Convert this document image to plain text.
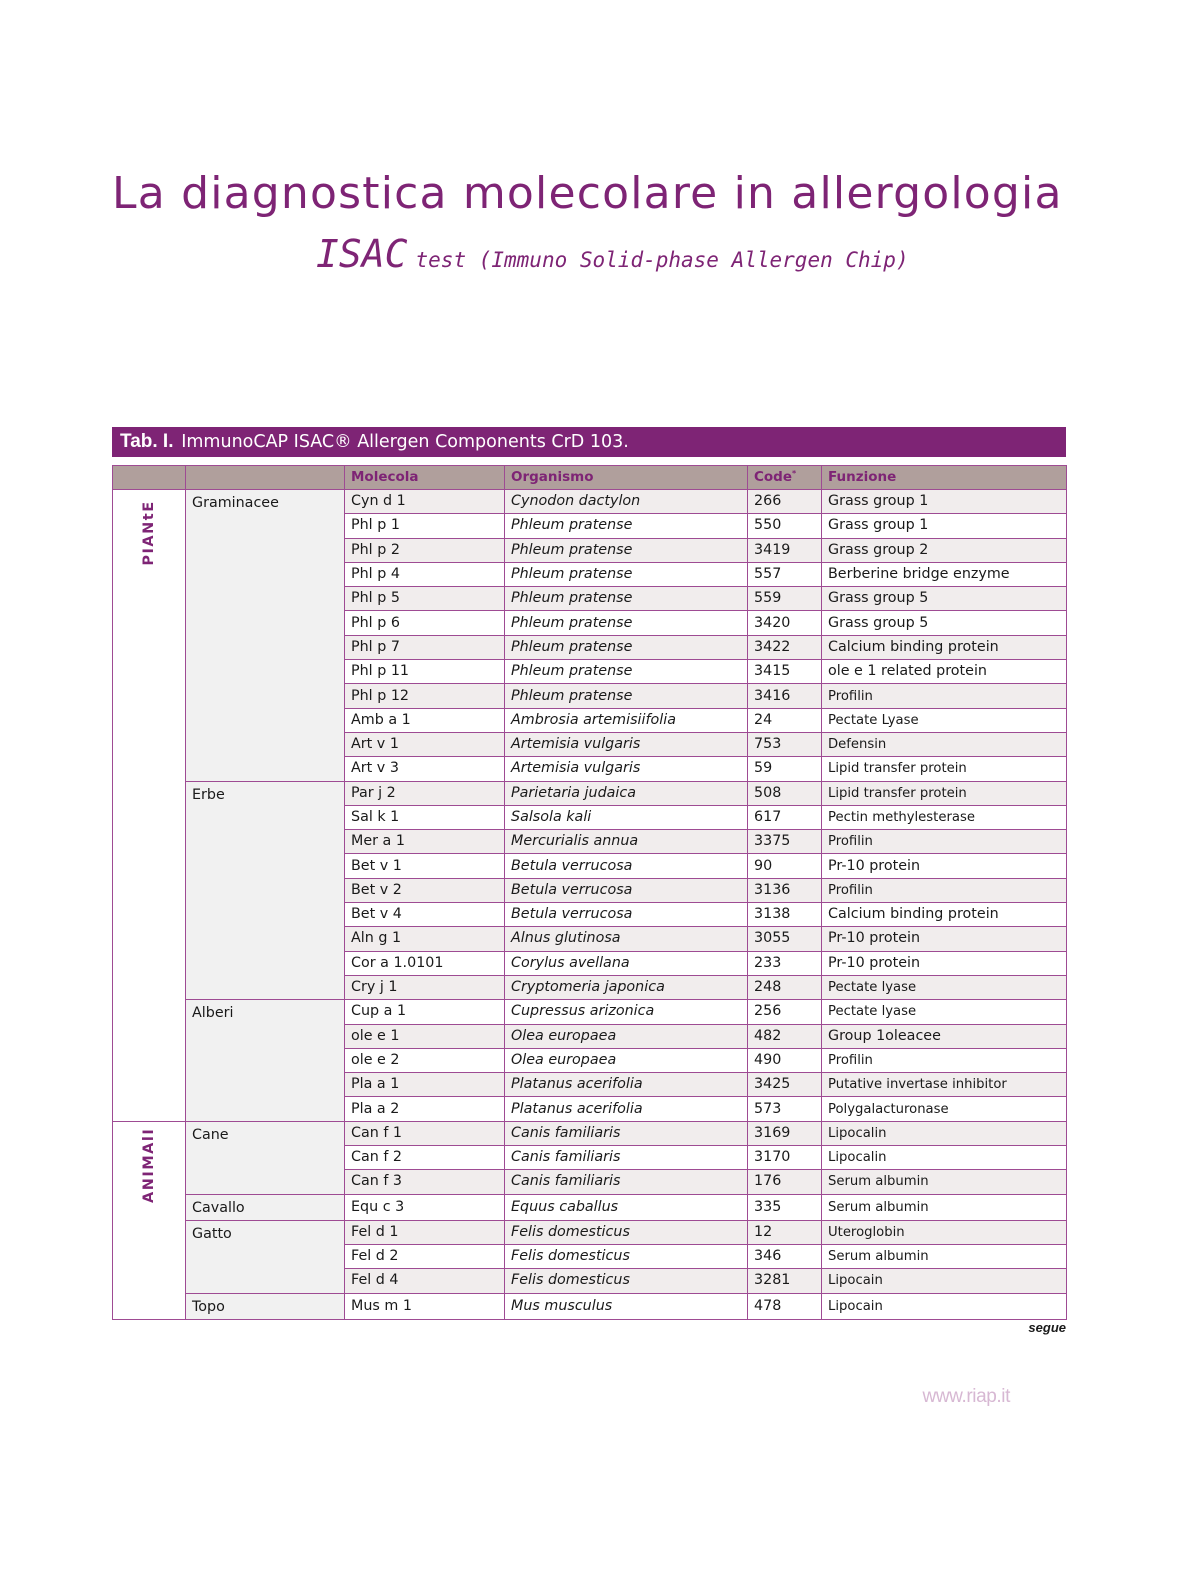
La diagnostica molecolare in allergologia
ISAC test (Immuno Solid-phase Allergen Chip)
Tab. I. ImmunoCAP ISAC® Allergen Components CrD 103.
		Molecola	Organismo	Code*	Funzione

PIANtE	Graminacee	Cyn d 1	Cynodon dactylon	266	Grass group 1
		Phl p 1	Phleum pratense	550	Grass group 1
		Phl p 2	Phleum pratense	3419	Grass group 2
		Phl p 4	Phleum pratense	557	Berberine bridge enzyme
		Phl p 5	Phleum pratense	559	Grass group 5
		Phl p 6	Phleum pratense	3420	Grass group 5
		Phl p 7	Phleum pratense	3422	Calcium binding protein
		Phl p 11	Phleum pratense	3415	ole e 1 related protein
		Phl p 12	Phleum pratense	3416	Profilin
		Amb a 1	Ambrosia artemisiifolia	24	Pectate Lyase
		Art v 1	Artemisia vulgaris	753	Defensin
		Art v 3	Artemisia vulgaris	59	Lipid transfer protein
	Erbe	Par j 2	Parietaria judaica	508	Lipid transfer protein
		Sal k 1	Salsola kali	617	Pectin methylesterase
		Mer a 1	Mercurialis annua	3375	Profilin
		Bet v 1	Betula verrucosa	90	Pr-10 protein
		Bet v 2	Betula verrucosa	3136	Profilin
		Bet v 4	Betula verrucosa	3138	Calcium binding protein
		Aln g 1	Alnus glutinosa	3055	Pr-10 protein
		Cor a 1.0101	Corylus avellana	233	Pr-10 protein
		Cry j 1	Cryptomeria japonica	248	Pectate lyase
	Alberi	Cup a 1	Cupressus arizonica	256	Pectate lyase
		ole e 1	Olea europaea	482	Group 1oleacee
		ole e 2	Olea europaea	490	Profilin
		Pla a 1	Platanus acerifolia	3425	Putative invertase inhibitor
		Pla a 2	Platanus acerifolia	573	Polygalacturonase

ANIMAlI	Cane	Can f 1	Canis familiaris	3169	Lipocalin
		Can f 2	Canis familiaris	3170	Lipocalin
		Can f 3	Canis familiaris	176	Serum albumin
	Cavallo	Equ c 3	Equus caballus	335	Serum albumin
	Gatto	Fel d 1	Felis domesticus	12	Uteroglobin
		Fel d 2	Felis domesticus	346	Serum albumin
		Fel d 4	Felis domesticus	3281	Lipocain
	Topo	Mus m 1	Mus musculus	478	Lipocain
segue
www.riap.it
